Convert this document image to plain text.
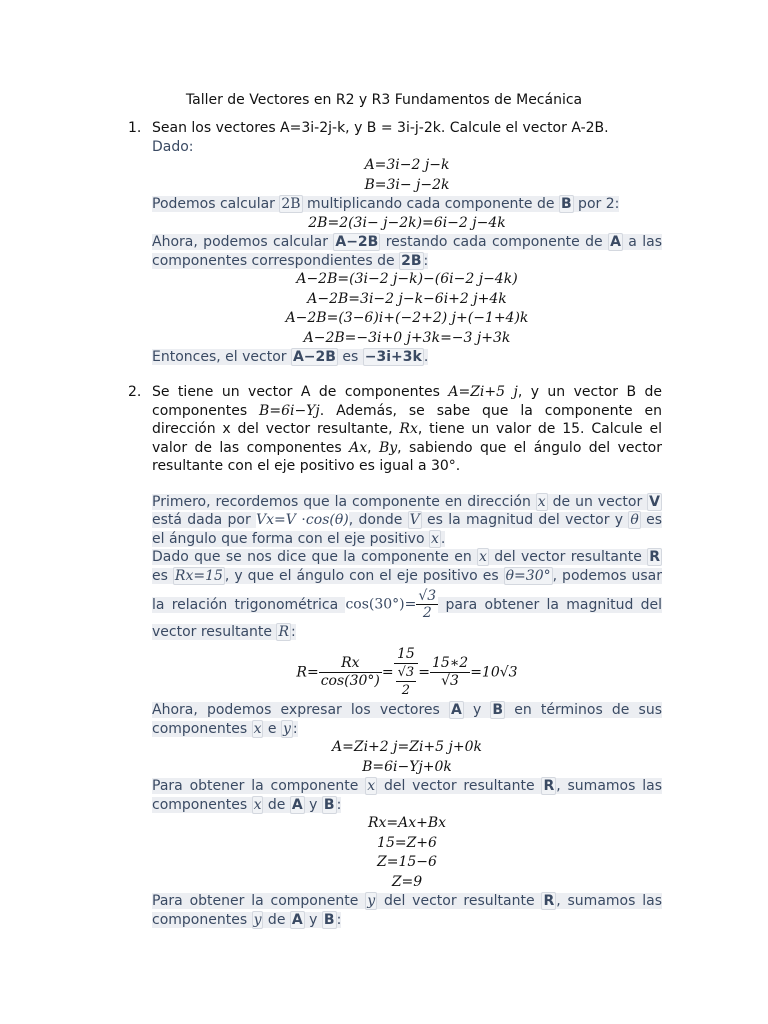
Taller de Vectores en R2 y R3 Fundamentos de Mecánica
1. Sean los vectores A=3i-2j-k, y B = 3i-j-2k. Calcule el vector A-2B.
Dado:
A=3i−2 j−k
B=3i− j−2k
Podemos calcular 2B multiplicando cada componente de B por 2:
2B=2(3i− j−2k)=6i−2 j−4k
Ahora, podemos calcular A−2B restando cada componente de A a las componentes correspondientes de 2B :
A−2B=(3i−2 j−k)−(6i−2 j−4k)
A−2B=3i−2 j−k−6i+2 j+4k
A−2B=(3−6)i+(−2+2) j+(−1+4)k
A−2B=−3i+0 j+3k=−3 j+3k
Entonces, el vector A−2B es −3i+3k .
2. Se tiene un vector A de componentes A=Zi+5 j, y un vector B de componentes B=6i−Yj. Además, se sabe que la componente en dirección x del vector resultante, Rx, tiene un valor de 15. Calcule el valor de las componentes Ax, By, sabiendo que el ángulo del vector resultante con el eje positivo es igual a 30°.
Primero, recordemos que la componente en dirección x de un vector V está dada por Vx=V ⋅cos(θ), donde V es la magnitud del vector y θ es el ángulo que forma con el eje positivo x .
Dado que se nos dice que la componente en x del vector resultante R es Rx=15 , y que el ángulo con el eje positivo es θ=30° , podemos usar la relación trigonométrica $\cos(30^\circ)= \frac{√3}{2}$ para obtener la magnitud del vector resultante R :
$R= \frac{Rx}{\cos(30^\circ)} = \frac{15}{\frac{√3}{2}} = \frac{15∗2}{√3} =10√3$
Ahora, podemos expresar los vectores A y B en términos de sus componentes x e y :
A=Zi+2 j=Zi+5 j+0k
B=6i−Yj+0k
Para obtener la componente x del vector resultante R , sumamos las componentes x de A y B :
Rx=Ax+Bx
15=Z+6
Z=15−6
Z=9
Para obtener la componente y del vector resultante R , sumamos las componentes y de A y B :
